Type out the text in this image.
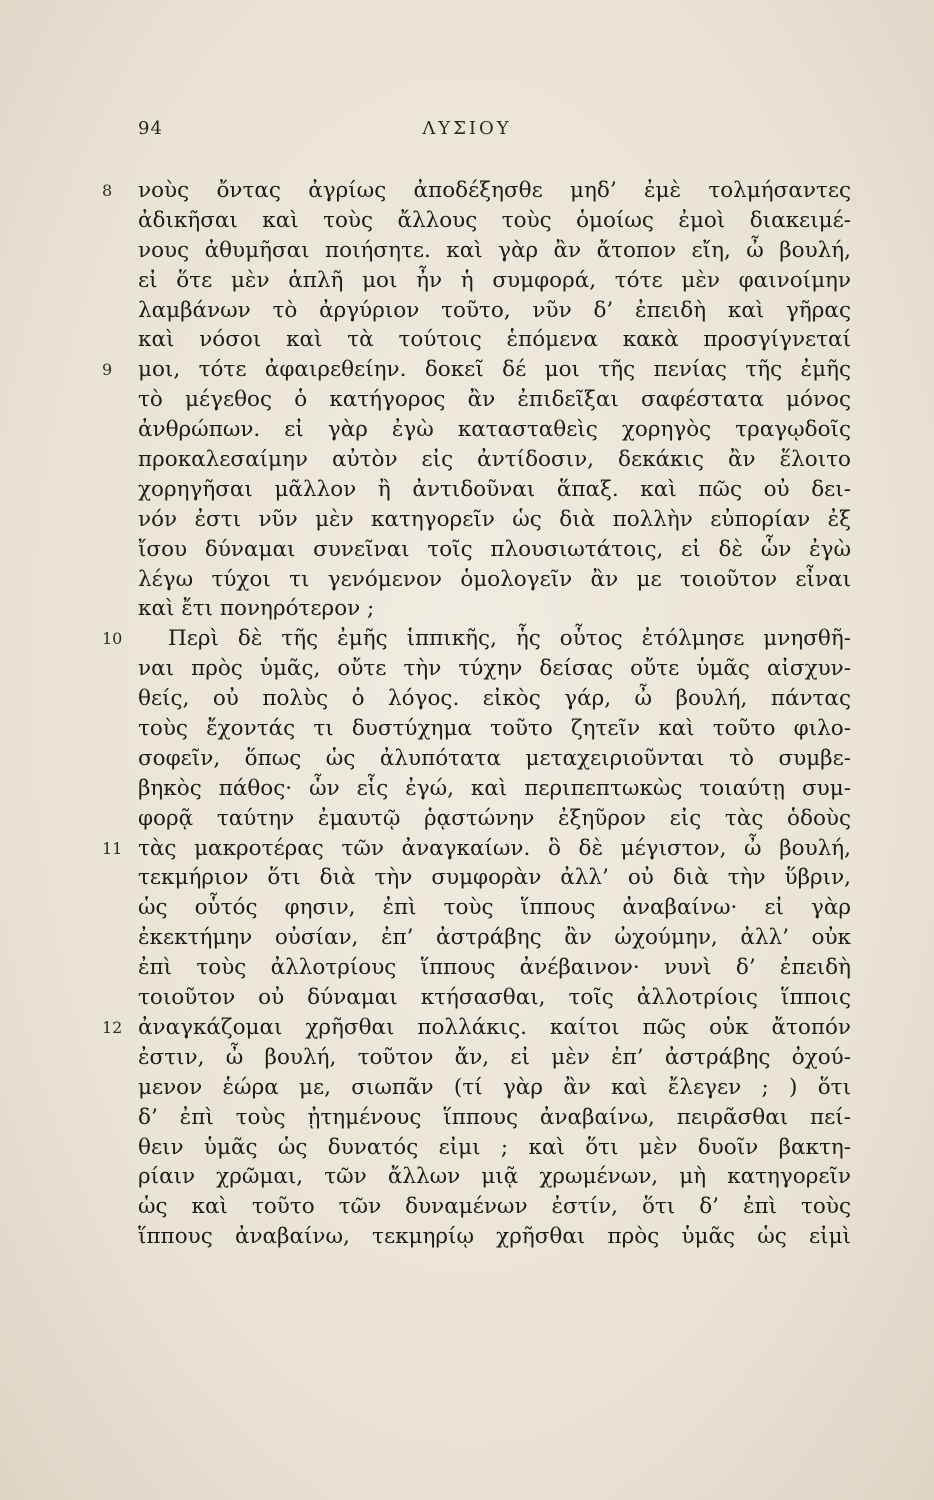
94	ΛΥΣΙΟΥ
8	νοὺς ὄντας ἀγρίως ἀποδέξησθε μηδ’ ἐμὲ τολμήσαντες
ἀδικῆσαι καὶ τοὺς ἄλλους τοὺς ὁμοίως ἐμοὶ διακειμέ-
νους ἀθυμῆσαι ποιήσητε. καὶ γὰρ ἂν ἄτοπον εἴη, ὦ βουλή,
εἰ ὅτε μὲν ἁπλῆ μοι ἦν ἡ συμφορά, τότε μὲν φαινοίμην
λαμβάνων τὸ ἀργύριον τοῦτο, νῦν δ’ ἐπειδὴ καὶ γῆρας
καὶ νόσοι καὶ τὰ τούτοις ἑπόμενα κακὰ προσγίγνεταί
9	μοι, τότε ἀφαιρεθείην. δοκεῖ δέ μοι τῆς πενίας τῆς ἐμῆς
τὸ μέγεθος ὁ κατήγορος ἂν ἐπιδεῖξαι σαφέστατα μόνος
ἀνθρώπων. εἰ γὰρ ἐγὼ κατασταθεὶς χορηγὸς τραγῳδοῖς
προκαλεσαίμην αὐτὸν εἰς ἀντίδοσιν, δεκάκις ἂν ἕλοιτο
χορηγῆσαι μᾶλλον ἢ ἀντιδοῦναι ἅπαξ. καὶ πῶς οὐ δει-
νόν ἐστι νῦν μὲν κατηγορεῖν ὡς διὰ πολλὴν εὐπορίαν ἐξ
ἴσου δύναμαι συνεῖναι τοῖς πλουσιωτάτοις, εἰ δὲ ὧν ἐγὼ
λέγω τύχοι τι γενόμενον ὁμολογεῖν ἂν με τοιοῦτον εἶναι
καὶ ἔτι πονηρότερον ;
10	Περὶ δὲ τῆς ἐμῆς ἱππικῆς, ἧς οὗτος ἐτόλμησε μνησθῆ-
ναι πρὸς ὑμᾶς, οὔτε τὴν τύχην δείσας οὔτε ὑμᾶς αἰσχυν-
θείς, οὐ πολὺς ὁ λόγος. εἰκὸς γάρ, ὦ βουλή, πάντας
τοὺς ἔχοντάς τι δυστύχημα τοῦτο ζητεῖν καὶ τοῦτο φιλο-
σοφεῖν, ὅπως ὡς ἀλυπότατα μεταχειριοῦνται τὸ συμβε-
βηκὸς πάθος· ὧν εἷς ἐγώ, καὶ περιπεπτωκὼς τοιαύτῃ συμ-
φορᾷ ταύτην ἐμαυτῷ ῥᾳστώνην ἐξηῦρον εἰς τὰς ὁδοὺς
11 τὰς μακροτέρας τῶν ἀναγκαίων. ὃ δὲ μέγιστον, ὦ βουλή,
τεκμήριον ὅτι διὰ τὴν συμφορὰν ἀλλ’ οὐ διὰ τὴν ὕβριν,
ὡς οὗτός φησιν, ἐπὶ τοὺς ἵππους ἀναβαίνω· εἰ γὰρ
ἐκεκτήμην οὐσίαν, ἐπ’ ἀστράβης ἂν ὠχούμην, ἀλλ’ οὐκ
ἐπὶ τοὺς ἀλλοτρίους ἵππους ἀνέβαινον· νυνὶ δ’ ἐπειδὴ
τοιοῦτον οὐ δύναμαι κτήσασθαι, τοῖς ἀλλοτρίοις ἵπποις
12 ἀναγκάζομαι χρῆσθαι πολλάκις. καίτοι πῶς οὐκ ἄτοπόν
ἐστιν, ὦ βουλή, τοῦτον ἄν, εἰ μὲν ἐπ’ ἀστράβης ὀχού-
μενον ἑώρα με, σιωπᾶν (τί γὰρ ἂν καὶ ἔλεγεν ; ) ὅτι
δ’ ἐπὶ τοὺς ᾐτημένους ἵππους ἀναβαίνω, πειρᾶσθαι πεί-
θειν ὑμᾶς ὡς δυνατός εἰμι ; καὶ ὅτι μὲν δυοῖν βακτη-
ρίαιν χρῶμαι, τῶν ἄλλων μιᾷ χρωμένων, μὴ κατηγορεῖν
ὡς καὶ τοῦτο τῶν δυναμένων ἐστίν, ὅτι δ’ ἐπὶ τοὺς
ἵππους ἀναβαίνω, τεκμηρίῳ χρῆσθαι πρὸς ὑμᾶς ὡς εἰμὶ
